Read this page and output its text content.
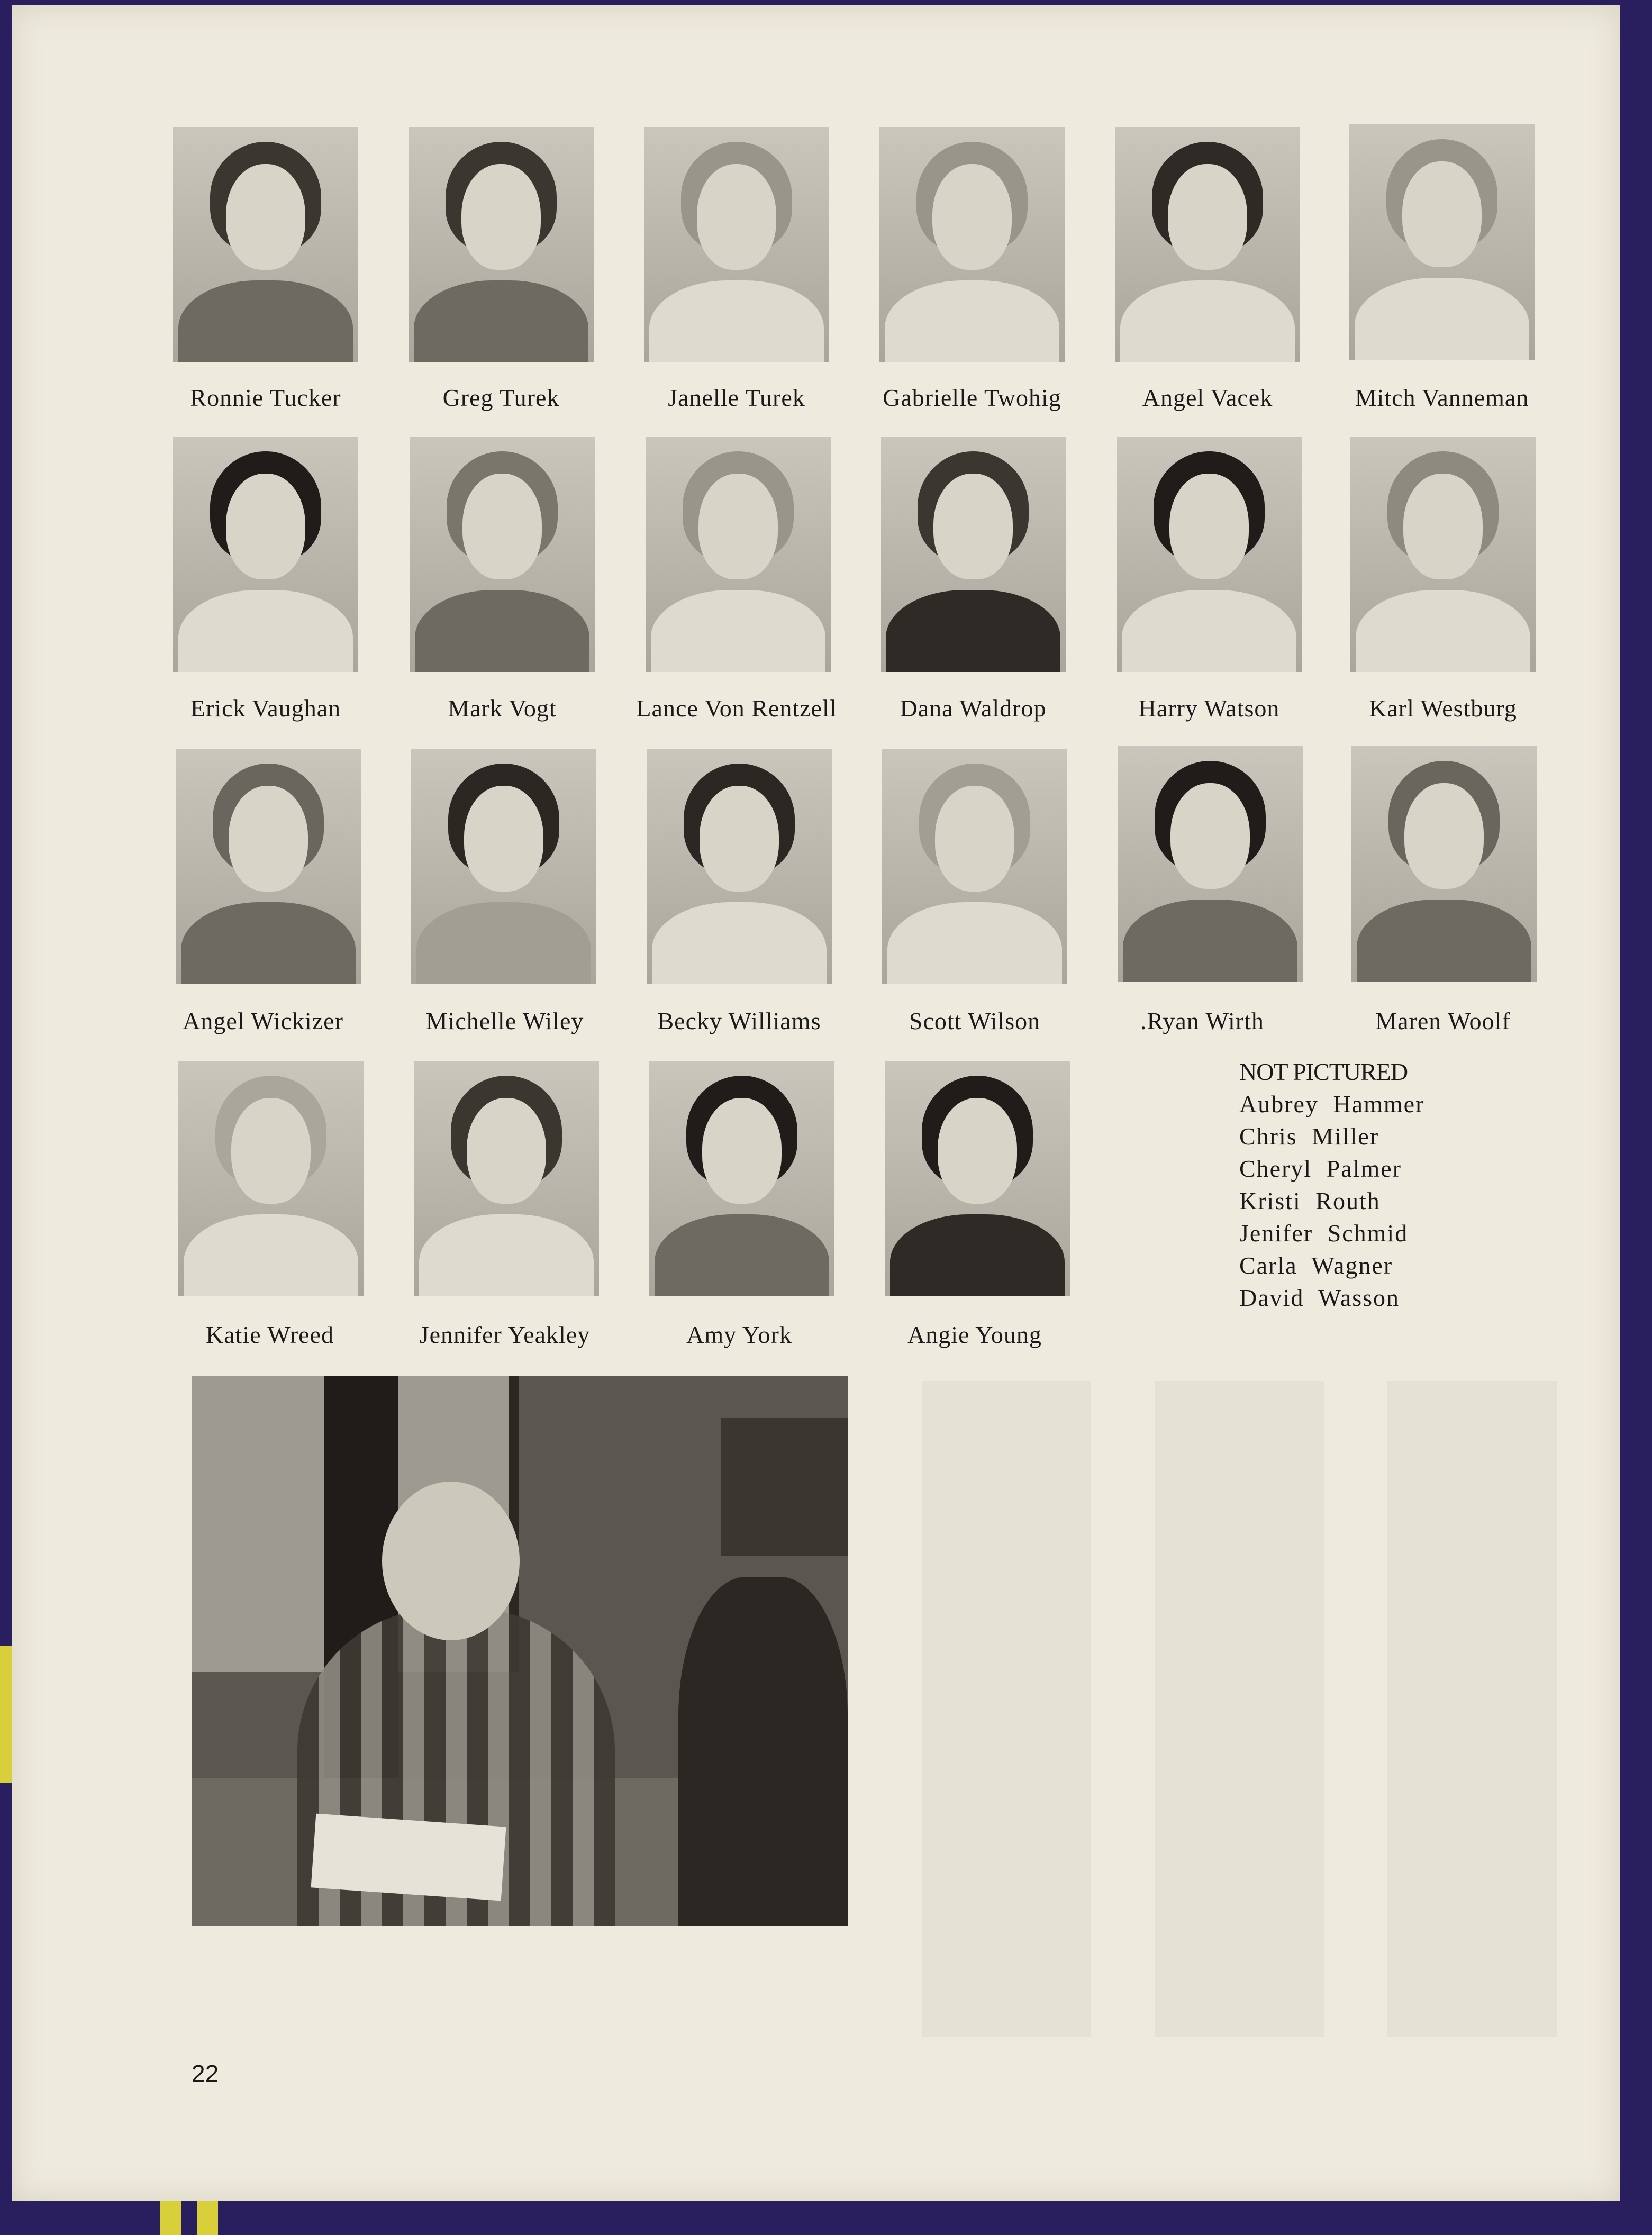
Ronnie Tucker	Greg Turek	Janelle Turek	Gabrielle Twohig	Angel Vacek	Mitch Vanneman
Erick Vaughan	Mark Vogt	Lance Von Rentzell	Dana Waldrop	Harry Watson	Karl Westburg
Angel Wickizer	Michelle Wiley	Becky Williams	Scott Wilson	.Ryan Wirth	Maren Woolf
Katie Wreed	Jennifer Yeakley	Amy York	Angie Young
NOT PICTURED
Aubrey Hammer
Chris Miller
Cheryl Palmer
Kristi Routh
Jenifer Schmid
Carla Wagner
David Wasson
22
